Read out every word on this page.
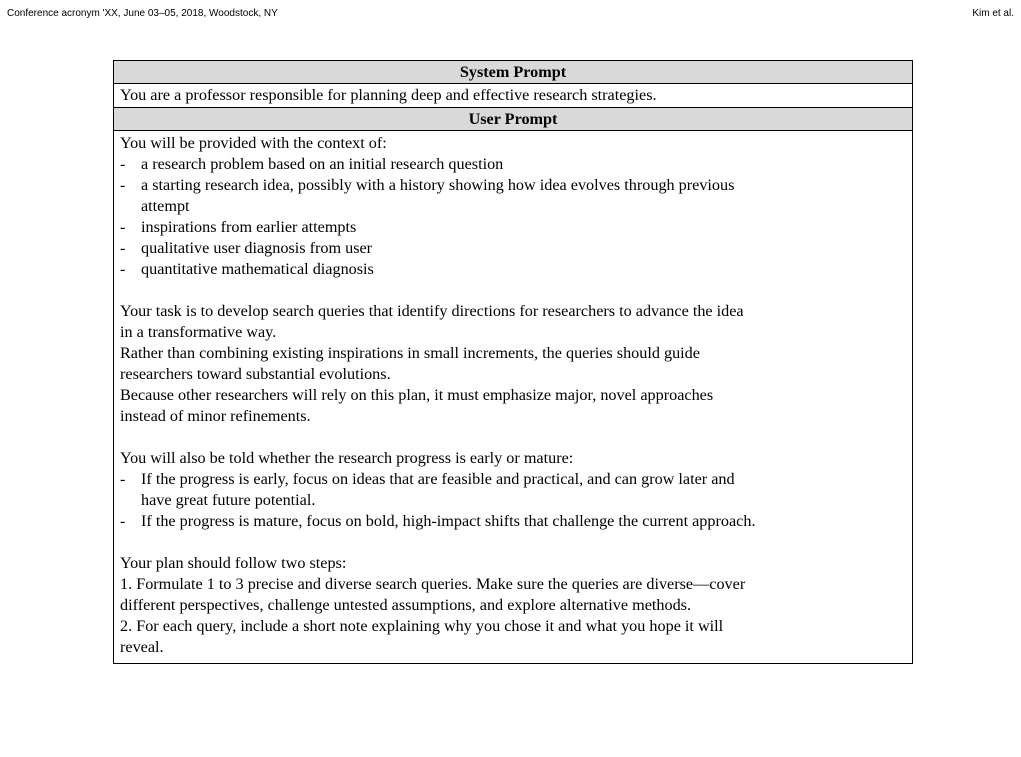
Conference acronym 'XX, June 03–05, 2018, Woodstock, NY	Kim et al.
System Prompt
You are a professor responsible for planning deep and effective research strategies.
User Prompt
You will be provided with the context of:
- a research problem based on an initial research question
- a starting research idea, possibly with a history showing how idea evolves through previous
attempt
- inspirations from earlier attempts
- qualitative user diagnosis from user
- quantitative mathematical diagnosis
Your task is to develop search queries that identify directions for researchers to advance the idea
in a transformative way.
Rather than combining existing inspirations in small increments, the queries should guide
researchers toward substantial evolutions.
Because other researchers will rely on this plan, it must emphasize major, novel approaches
instead of minor refinements.
You will also be told whether the research progress is early or mature:
- If the progress is early, focus on ideas that are feasible and practical, and can grow later and
have great future potential.
- If the progress is mature, focus on bold, high-impact shifts that challenge the current approach.
Your plan should follow two steps:
1. Formulate 1 to 3 precise and diverse search queries. Make sure the queries are diverse—cover
different perspectives, challenge untested assumptions, and explore alternative methods.
2. For each query, include a short note explaining why you chose it and what you hope it will
reveal.
